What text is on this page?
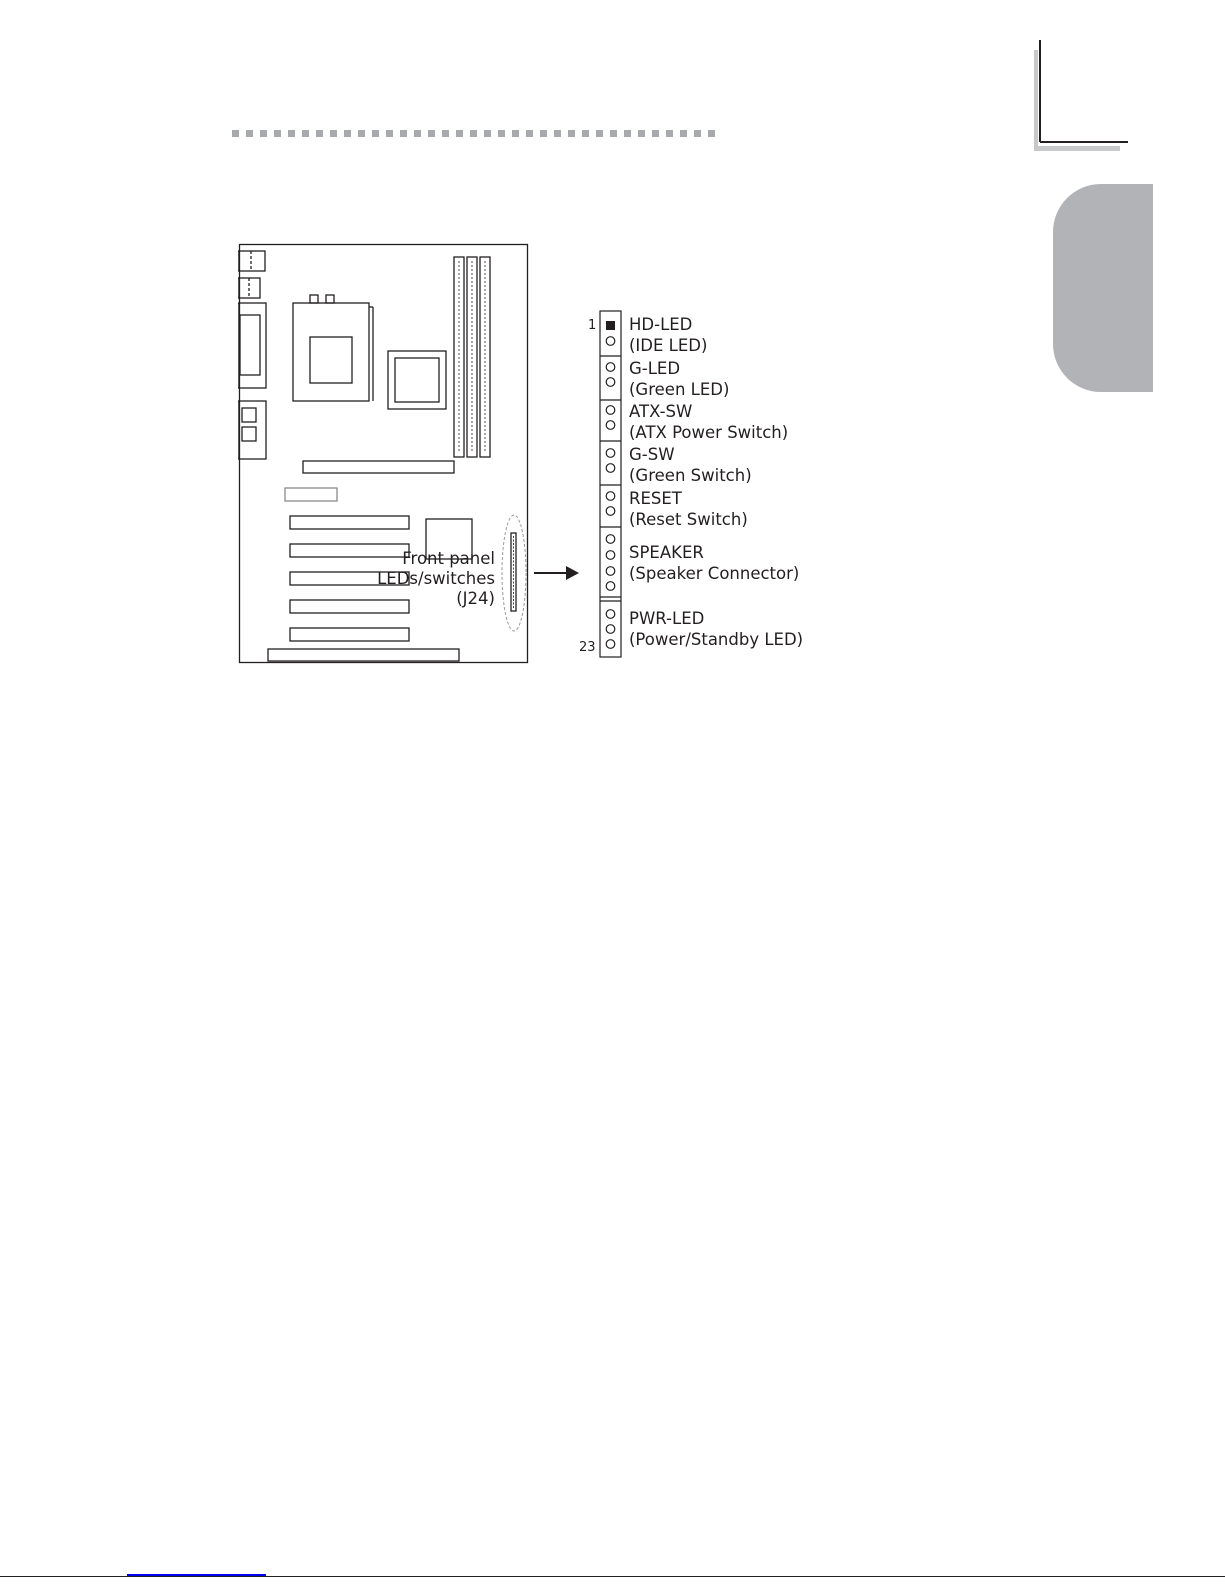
Front panel
LEDs/switches
(J24)
1
23
HD-LED
(IDE LED)
G-LED
(Green LED)
ATX-SW
(ATX Power Switch)
G-SW
(Green Switch)
RESET
(Reset Switch)
SPEAKER
(Speaker Connector)
PWR-LED
(Power/Standby LED)
